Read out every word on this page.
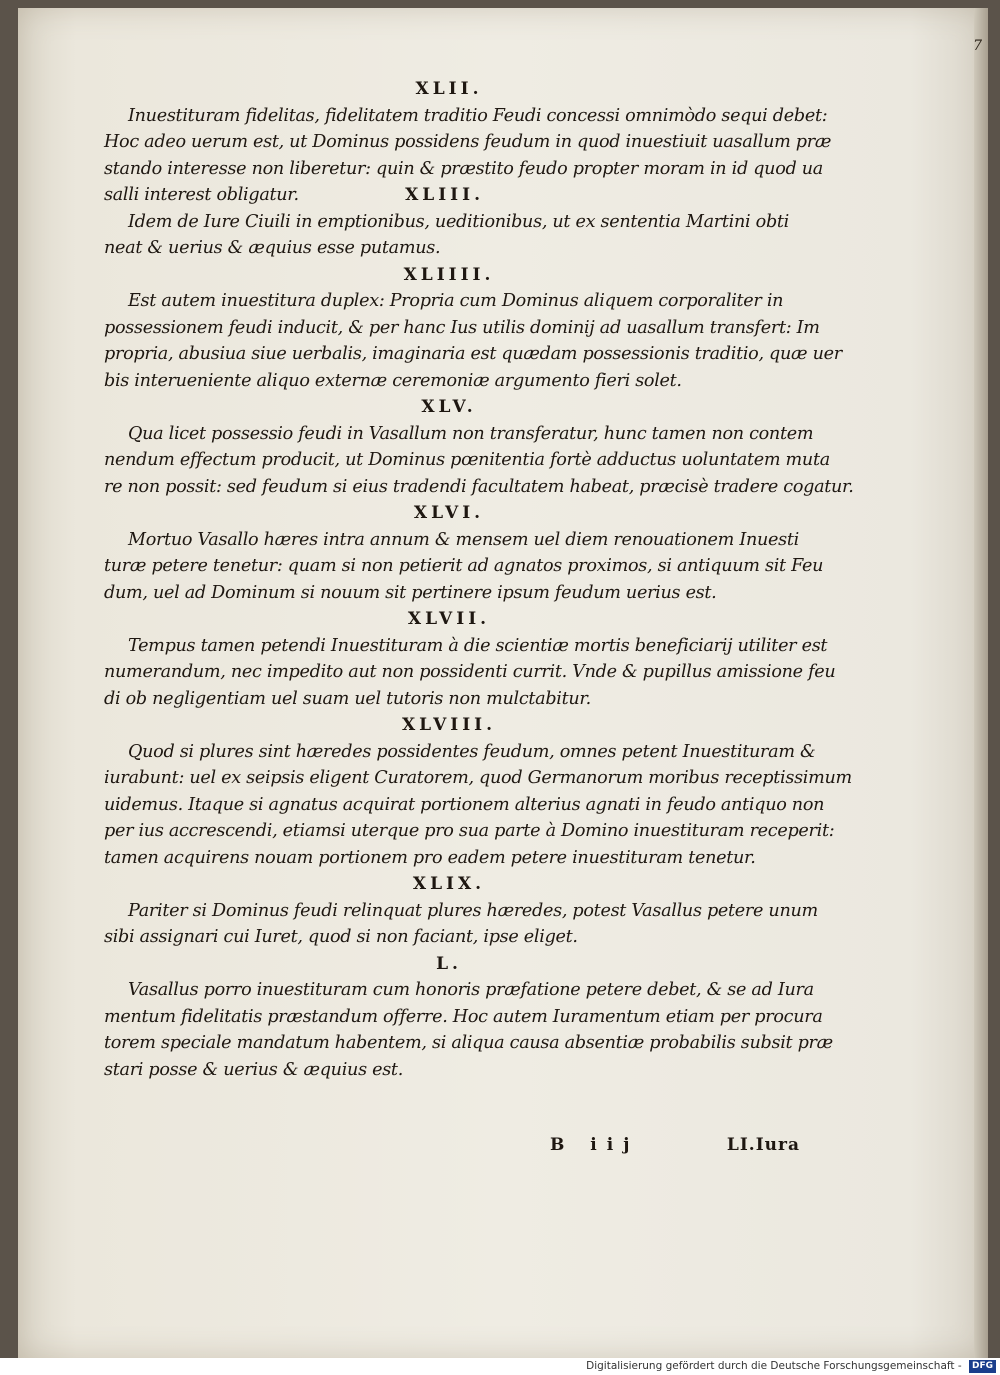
7

XLII.

Inuestituram fidelitas, fidelitatem traditio Feudi concessi omnimòdo sequi debet:

Hoc adeo uerum est, ut Dominus possidens feudum in quod inuestiuit uasallum præ

stando interesse non liberetur: quin & præstito feudo propter moram in id quod ua

salli interest obligatur.	XLIII.

Idem de Iure Ciuili in emptionibus, ueditionibus, ut ex sententia Martini obti

neat & uerius & æquius esse putamus.

XLIIII.

Est autem inuestitura duplex: Propria cum Dominus aliquem corporaliter in

possessionem feudi inducit, & per hanc Ius utilis dominij ad uasallum transfert: Im

propria, abusiua siue uerbalis, imaginaria est quædam possessionis traditio, quæ uer

bis interueniente aliquo externæ ceremoniæ argumento fieri solet.

XLV.

Qua licet possessio feudi in Vasallum non transferatur, hunc tamen non contem

nendum effectum producit, ut Dominus pœnitentia fortè adductus uoluntatem muta

re non possit: sed feudum si eius tradendi facultatem habeat, præcisè tradere cogatur.

XLVI.

Mortuo Vasallo hæres intra annum & mensem uel diem renouationem Inuesti

turæ petere tenetur: quam si non petierit ad agnatos proximos, si antiquum sit Feu

dum, uel ad Dominum si nouum sit pertinere ipsum feudum uerius est.

XLVII.

Tempus tamen petendi Inuestituram à die scientiæ mortis beneficiarij utiliter est

numerandum, nec impedito aut non possidenti currit. Vnde & pupillus amissione feu

di ob negligentiam uel suam uel tutoris non mulctabitur.

XLVIII.

Quod si plures sint hæredes possidentes feudum, omnes petent Inuestituram &

iurabunt: uel ex seipsis eligent Curatorem, quod Germanorum moribus receptissimum

uidemus. Itaque si agnatus acquirat portionem alterius agnati in feudo antiquo non

per ius accrescendi, etiamsi uterque pro sua parte à Domino inuestituram receperit:

tamen acquirens nouam portionem pro eadem petere inuestituram tenetur.

XLIX.

Pariter si Dominus feudi relinquat plures hæredes, potest Vasallus petere unum

sibi assignari cui Iuret, quod si non faciant, ipse eliget.

L.

Vasallus porro inuestituram cum honoris præfatione petere debet, & se ad Iura

mentum fidelitatis præstandum offerre. Hoc autem Iuramentum etiam per procura

torem speciale mandatum habentem, si aliqua causa absentiæ probabilis subsit præ

stari posse & uerius & æquius est.

B iij	LI.Iura
Digitalisierung gefördert durch die Deutsche Forschungsgemeinschaft - DFG
